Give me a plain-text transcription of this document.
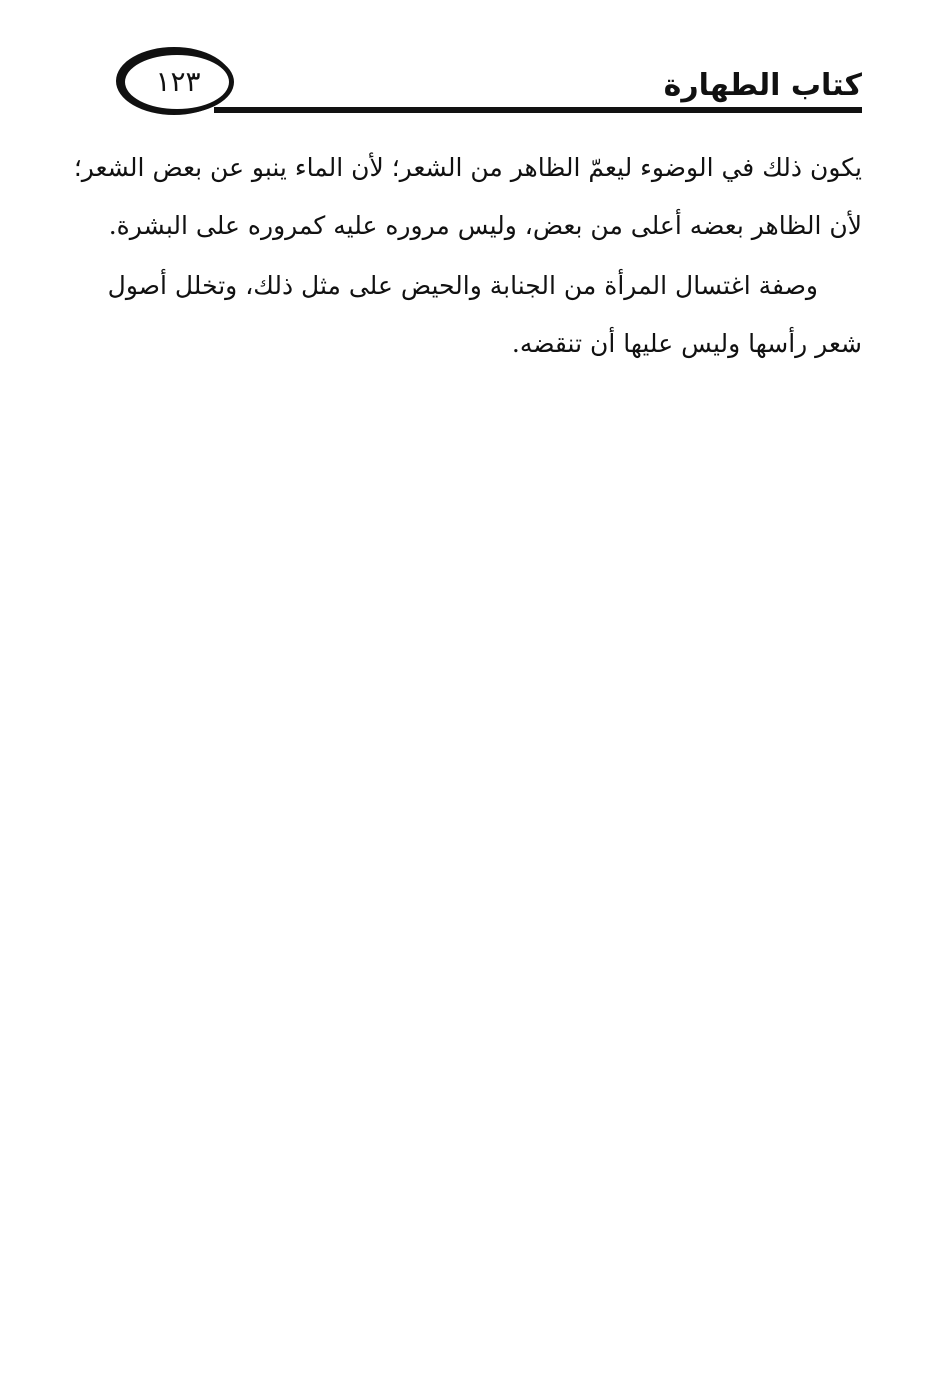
١٢٣	كتاب الطهارة
يكون ذلك في الوضوء ليعمّ الظاهر من الشعر؛ لأن الماء ينبو عن بعض الشعر؛
لأن الظاهر بعضه أعلى من بعض، وليس مروره عليه كمروره على البشرة.
وصفة اغتسال المرأة من الجنابة والحيض على مثل ذلك، وتخلل أصول
شعر رأسها وليس عليها أن تنقضه.
